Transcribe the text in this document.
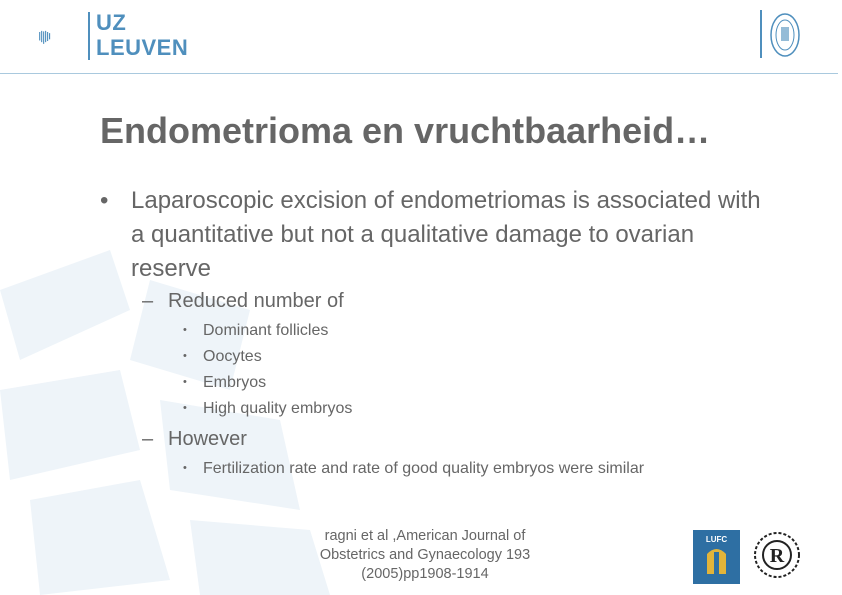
UZ
LEUVEN
Endometrioma en vruchtbaarheid…
• Laparoscopic excision of endometriomas is associated with a quantitative but not a qualitative damage to ovarian reserve
– Reduced number of
• Dominant follicles
• Oocytes
• Embryos
• High quality embryos
– However
• Fertilization rate and rate of good quality embryos were similar
ragni et al ,American Journal of
Obstetrics and Gynaecology 193
(2005)pp1908-1914
LUFC
R
